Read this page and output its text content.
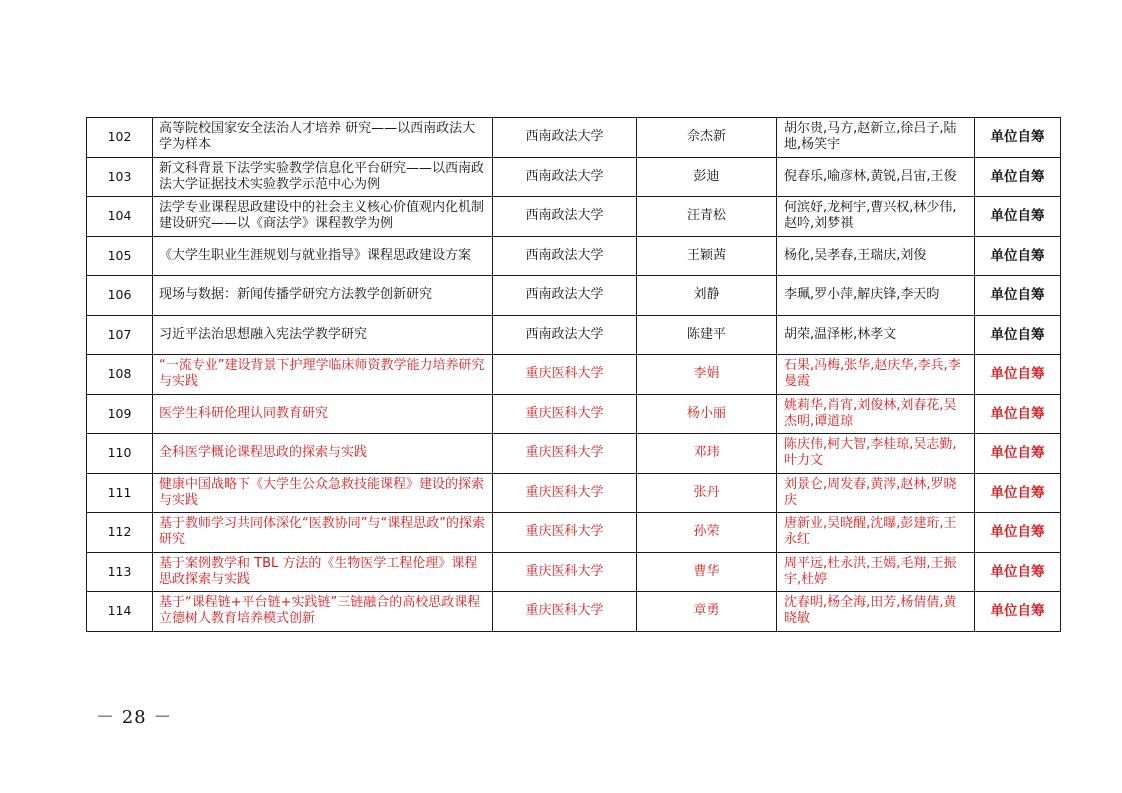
102	高等院校国家安全法治人才培养 研究——以西南政法大学为样本	西南政法大学	佘杰新	胡尔贵,马方,赵新立,徐吕子,陆地,杨笑宇	单位自筹
103	新文科背景下法学实验教学信息化平台研究——以西南政法大学证据技术实验教学示范中心为例	西南政法大学	彭迪	倪春乐,喻彦林,黄锐,吕宙,王俊	单位自筹
104	法学专业课程思政建设中的社会主义核心价值观内化机制建设研究——以《商法学》课程教学为例	西南政法大学	汪青松	何滨妤,龙柯宇,曹兴权,林少伟,赵吟,刘梦祺	单位自筹
105	《大学生职业生涯规划与就业指导》课程思政建设方案	西南政法大学	王颖茜	杨化,吴孝春,王瑞庆,刘俊	单位自筹
106	现场与数据：新闻传播学研究方法教学创新研究	西南政法大学	刘静	李珮,罗小萍,解庆锋,李天昀	单位自筹
107	习近平法治思想融入宪法学教学研究	西南政法大学	陈建平	胡荣,温泽彬,林孝文	单位自筹
108	“一流专业”建设背景下护理学临床师资教学能力培养研究与实践	重庆医科大学	李娟	石果,冯梅,张华,赵庆华,李兵,李曼霞	单位自筹
109	医学生科研伦理认同教育研究	重庆医科大学	杨小丽	姚莉华,肖宵,刘俊林,刘春花,吴杰明,谭道琼	单位自筹
110	全科医学概论课程思政的探索与实践	重庆医科大学	邓玮	陈庆伟,柯大智,李桂琼,吴志勤,叶力文	单位自筹
111	健康中国战略下《大学生公众急救技能课程》建设的探索与实践	重庆医科大学	张丹	刘景仑,周发春,黄涔,赵林,罗晓庆	单位自筹
112	基于教师学习共同体深化“医教协同”与“课程思政”的探索研究	重庆医科大学	孙荣	唐新业,吴晓醒,沈曝,彭建珩,王永红	单位自筹
113	基于案例教学和 TBL 方法的《生物医学工程伦理》课程思政探索与实践	重庆医科大学	曹华	周平远,杜永洪,王嫣,毛翔,王振宇,杜婷	单位自筹
114	基于“课程链+平台链+实践链”三链融合的高校思政课程立德树人教育培养模式创新	重庆医科大学	章勇	沈春明,杨全海,田芳,杨倩倩,黄晓敏	单位自筹
－ 28 －
